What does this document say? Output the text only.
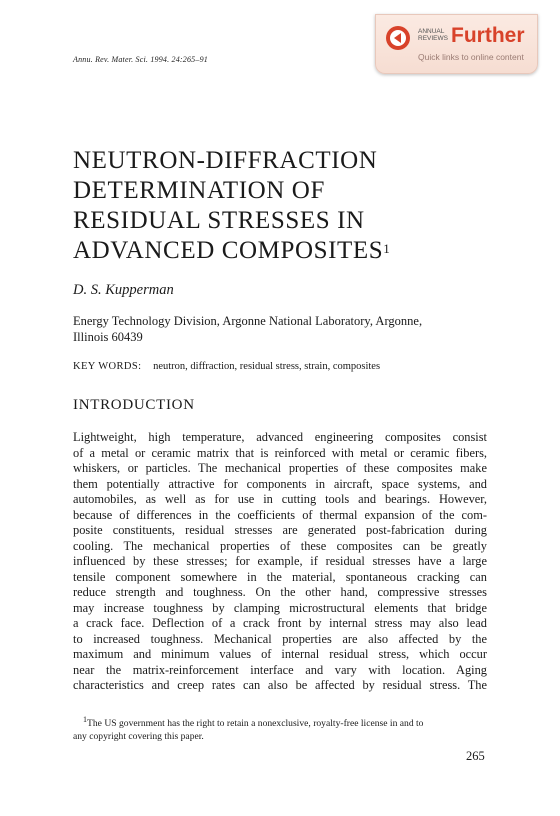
Annu. Rev. Mater. Sci. 1994. 24:265–91
ANNUAL
REVIEWS Further
Quick links to online content
NEUTRON-DIFFRACTION
DETERMINATION OF
RESIDUAL STRESSES IN
ADVANCED COMPOSITES$^1$
D. S. Kupperman
Energy Technology Division, Argonne National Laboratory, Argonne,
Illinois 60439
KEY WORDS: neutron, diffraction, residual stress, strain, composites
INTRODUCTION
Lightweight, high temperature, advanced engineering composites consist
of a metal or ceramic matrix that is reinforced with metal or ceramic fibers,
whiskers, or particles. The mechanical properties of these composites make
them potentially attractive for components in aircraft, space systems, and
automobiles, as well as for use in cutting tools and bearings. However,
because of differences in the coefficients of thermal expansion of the com-
posite constituents, residual stresses are generated post-fabrication during
cooling. The mechanical properties of these composites can be greatly
influenced by these stresses; for example, if residual stresses have a large
tensile component somewhere in the material, spontaneous cracking can
reduce strength and toughness. On the other hand, compressive stresses
may increase toughness by clamping microstructural elements that bridge
a crack face. Deflection of a crack front by internal stress may also lead
to increased toughness. Mechanical properties are also affected by the
maximum and minimum values of internal residual stress, which occur
near the matrix-reinforcement interface and vary with location. Aging
characteristics and creep rates can also be affected by residual stress. The
$^1$The US government has the right to retain a nonexclusive, royalty-free license in and to
any copyright covering this paper.
265
